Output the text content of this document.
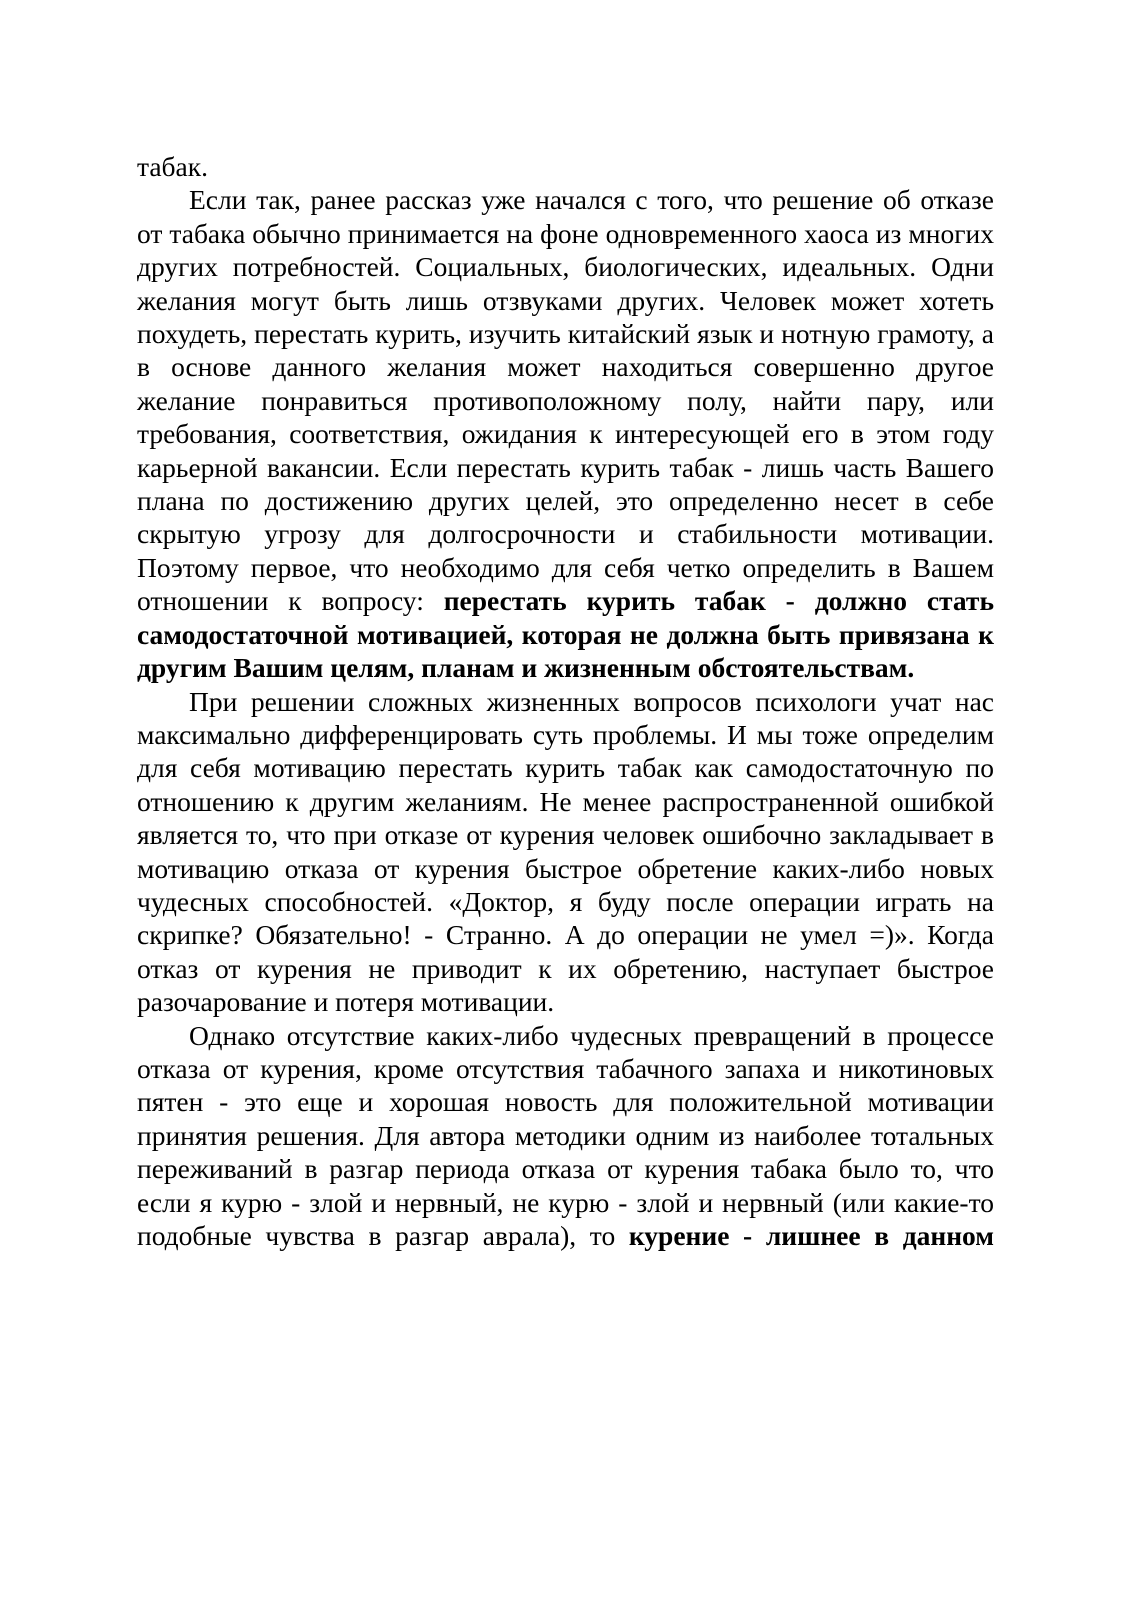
табак.

Если так, ранее рассказ уже начался с того, что решение об отказе от табака обычно принимается на фоне одновременного хаоса из многих других потребностей. Социальных, биологических, идеальных. Одни желания могут быть лишь отзвуками других. Человек может хотеть похудеть, перестать курить, изучить китайский язык и нотную грамоту, а в основе данного желания может находиться совершенно другое желание понравиться противоположному полу, найти пару, или требования, соответствия, ожидания к интересующей его в этом году карьерной вакансии. Если перестать курить табак - лишь часть Вашего плана по достижению других целей, это определенно несет в себе скрытую угрозу для долгосрочности и стабильности мотивации. Поэтому первое, что необходимо для себя четко определить в Вашем отношении к вопросу: перестать курить табак - должно стать самодостаточной мотивацией, которая не должна быть привязана к другим Вашим целям, планам и жизненным обстоятельствам.

При решении сложных жизненных вопросов психологи учат нас максимально дифференцировать суть проблемы. И мы тоже определим для себя мотивацию перестать курить табак как самодостаточную по отношению к другим желаниям. Не менее распространенной ошибкой является то, что при отказе от курения человек ошибочно закладывает в мотивацию отказа от курения быстрое обретение каких-либо новых чудесных способностей. «Доктор, я буду после операции играть на скрипке? Обязательно! - Странно. А до операции не умел =)». Когда отказ от курения не приводит к их обретению, наступает быстрое разочарование и потеря мотивации.

Однако отсутствие каких-либо чудесных превращений в процессе отказа от курения, кроме отсутствия табачного запаха и никотиновых пятен - это еще и хорошая новость для положительной мотивации принятия решения. Для автора методики одним из наиболее тотальных переживаний в разгар периода отказа от курения табака было то, что если я курю - злой и нервный, не курю - злой и нервный (или какие-то подобные чувства в разгар аврала), то курение - лишнее в данном
